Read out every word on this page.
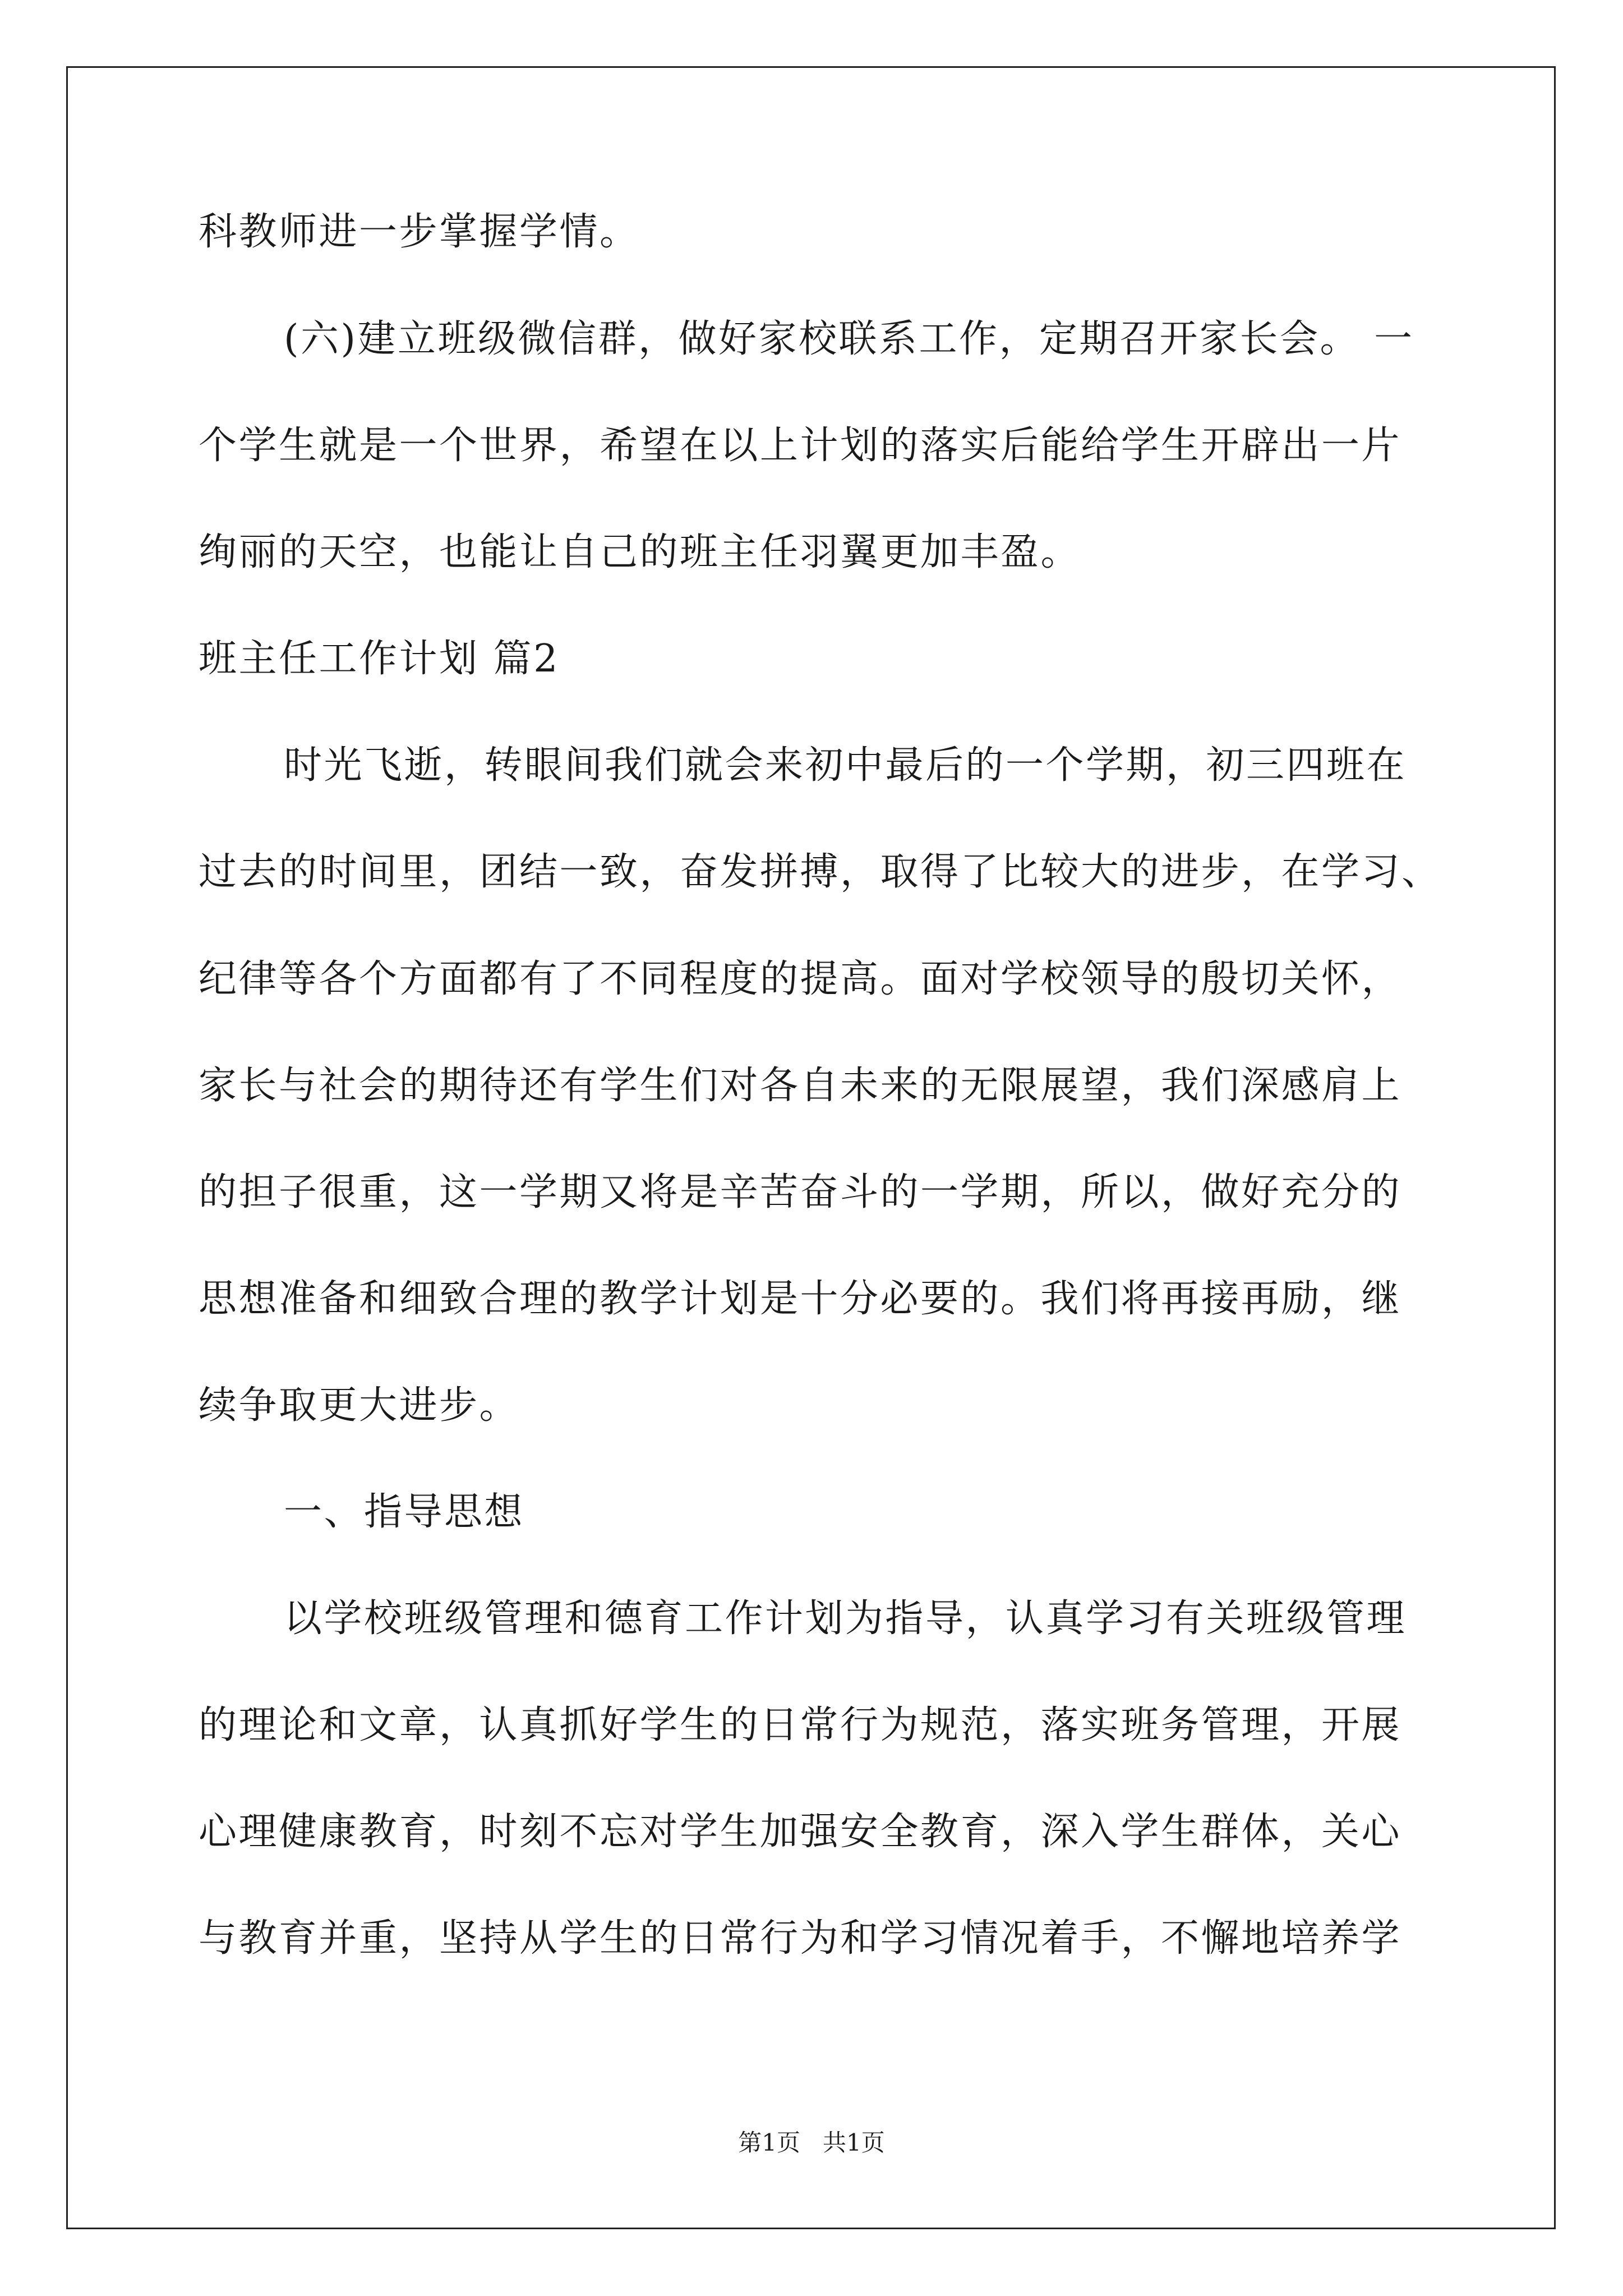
科教师进一步掌握学情。
(六)建立班级微信群，做好家校联系工作，定期召开家长会。 一
个学生就是一个世界，希望在以上计划的落实后能给学生开辟出一片
绚丽的天空，也能让自己的班主任羽翼更加丰盈。
班主任工作计划 篇2
时光飞逝，转眼间我们就会来初中最后的一个学期，初三四班在
过去的时间里，团结一致，奋发拼搏，取得了比较大的进步，在学习、
纪律等各个方面都有了不同程度的提高。面对学校领导的殷切关怀，
家长与社会的期待还有学生们对各自未来的无限展望，我们深感肩上
的担子很重，这一学期又将是辛苦奋斗的一学期，所以，做好充分的
思想准备和细致合理的教学计划是十分必要的。我们将再接再励，继
续争取更大进步。
一、指导思想
以学校班级管理和德育工作计划为指导，认真学习有关班级管理
的理论和文章，认真抓好学生的日常行为规范，落实班务管理，开展
心理健康教育，时刻不忘对学生加强安全教育，深入学生群体，关心
与教育并重，坚持从学生的日常行为和学习情况着手，不懈地培养学
第1页   共1页
